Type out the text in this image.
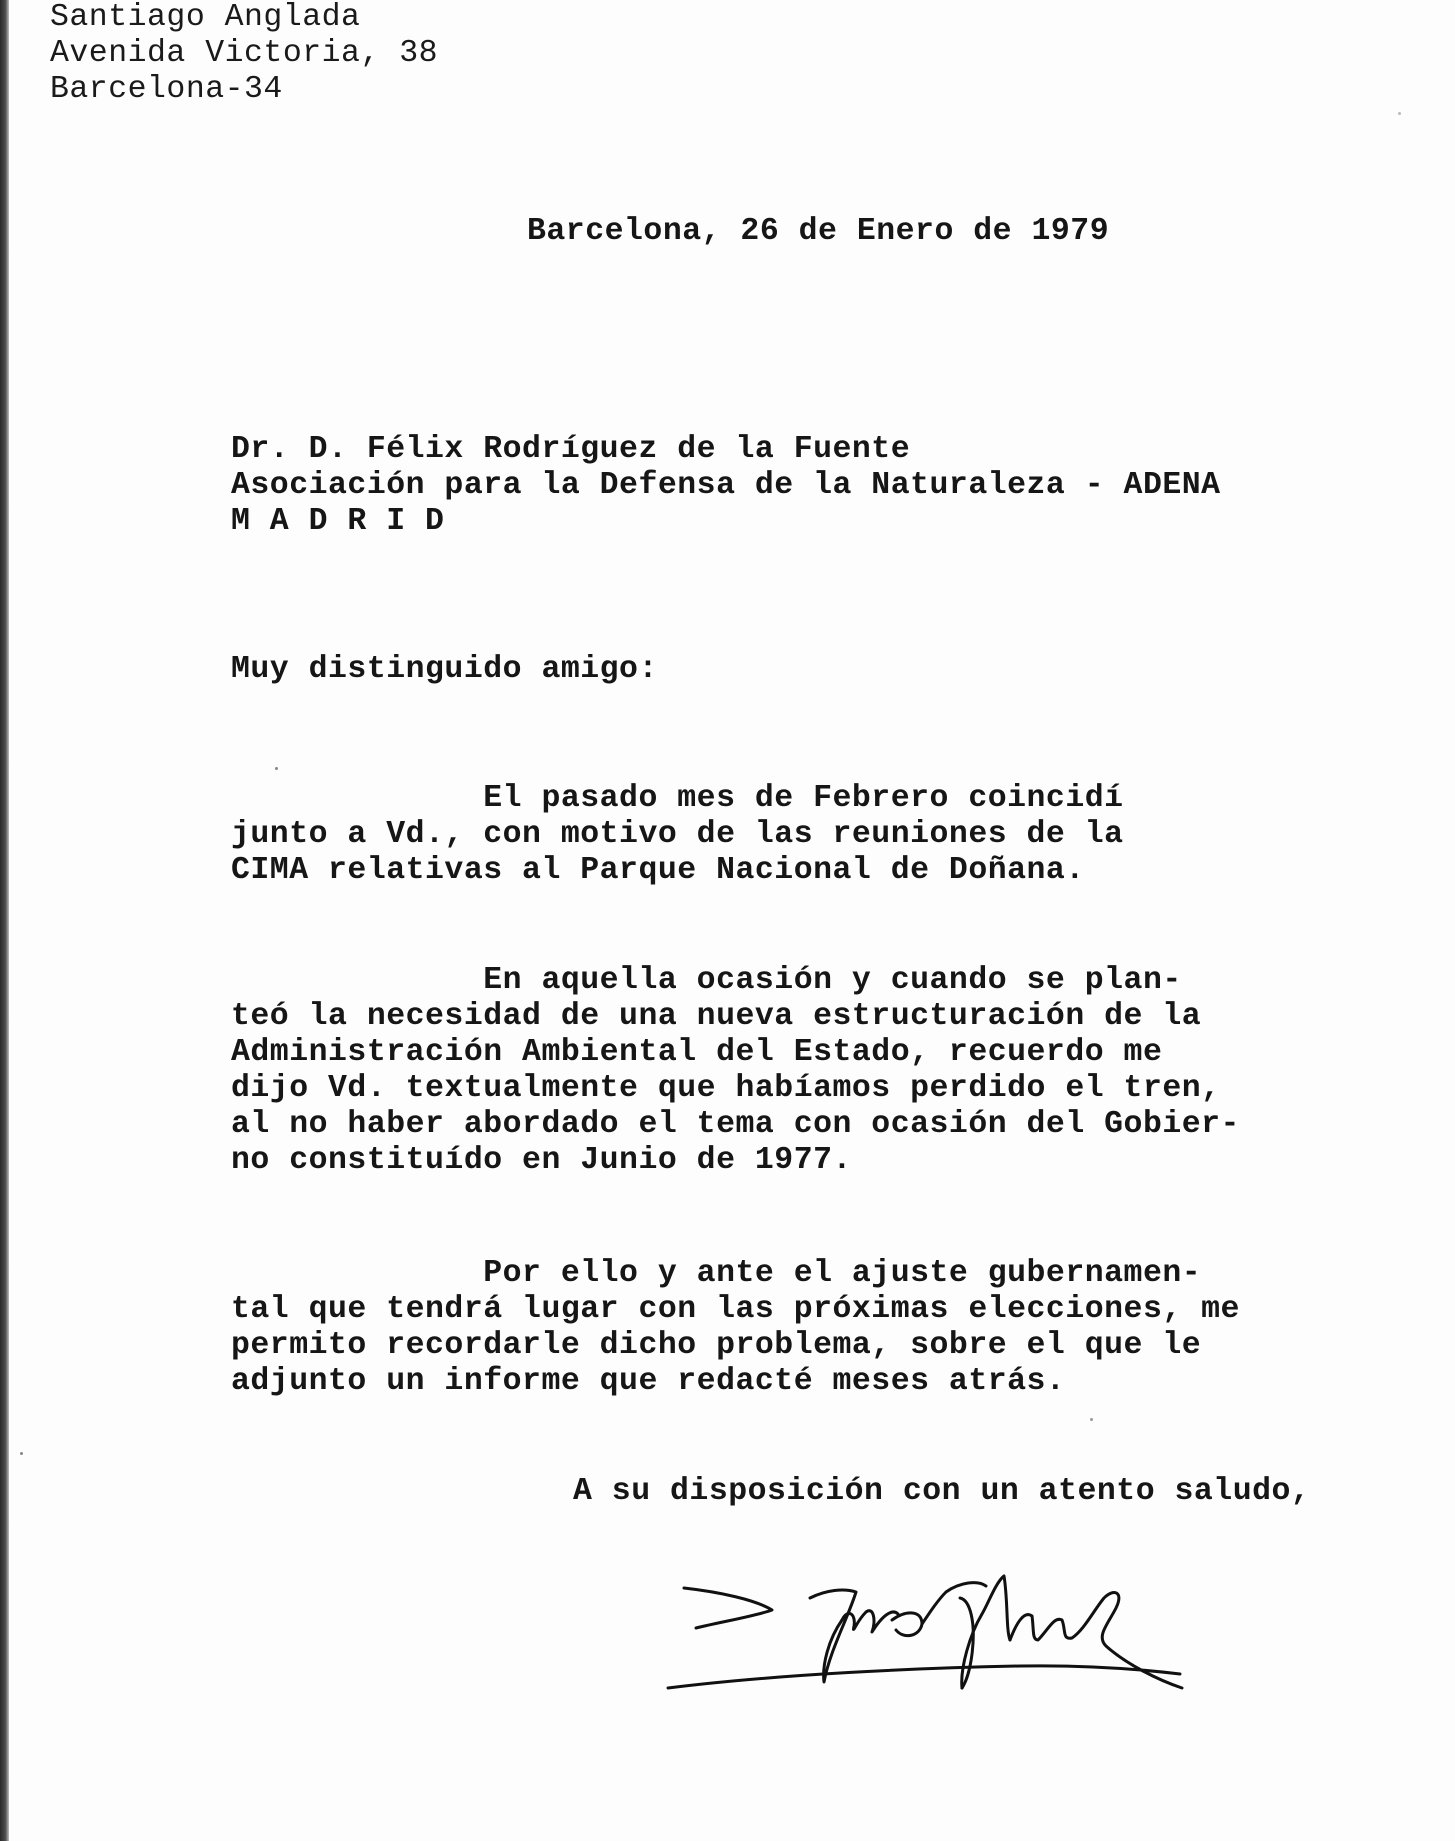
Santiago Anglada
Avenida Victoria, 38
Barcelona-34
Barcelona, 26 de Enero de 1979
Dr. D. Félix Rodríguez de la Fuente
Asociación para la Defensa de la Naturaleza - ADENA
M A D R I D
Muy distinguido amigo:
El pasado mes de Febrero coincidí
junto a Vd., con motivo de las reuniones de la
CIMA relativas al Parque Nacional de Doñana.
En aquella ocasión y cuando se plan-
teó la necesidad de una nueva estructuración de la
Administración Ambiental del Estado, recuerdo me
dijo Vd. textualmente que habíamos perdido el tren,
al no haber abordado el tema con ocasión del Gobier-
no constituído en Junio de 1977.
Por ello y ante el ajuste gubernamen-
tal que tendrá lugar con las próximas elecciones, me
permito recordarle dicho problema, sobre el que le
adjunto un informe que redacté meses atrás.
A su disposición con un atento saludo,
